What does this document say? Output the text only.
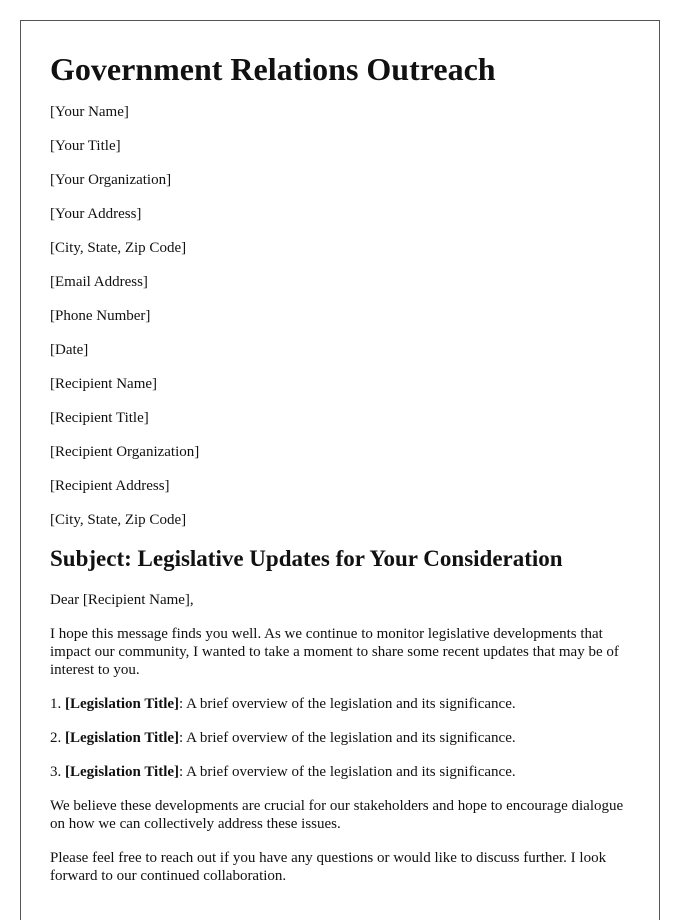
Government Relations Outreach
[Your Name]
[Your Title]
[Your Organization]
[Your Address]
[City, State, Zip Code]
[Email Address]
[Phone Number]
[Date]
[Recipient Name]
[Recipient Title]
[Recipient Organization]
[Recipient Address]
[City, State, Zip Code]
Subject: Legislative Updates for Your Consideration

Dear [Recipient Name],

I hope this message finds you well. As we continue to monitor legislative developments that impact our community, I wanted to take a moment to share some recent updates that may be of interest to you.

1. [Legislation Title]: A brief overview of the legislation and its significance.

2. [Legislation Title]: A brief overview of the legislation and its significance.

3. [Legislation Title]: A brief overview of the legislation and its significance.

We believe these developments are crucial for our stakeholders and hope to encourage dialogue on how we can collectively address these issues.

Please feel free to reach out if you have any questions or would like to discuss further. I look forward to our continued collaboration.
